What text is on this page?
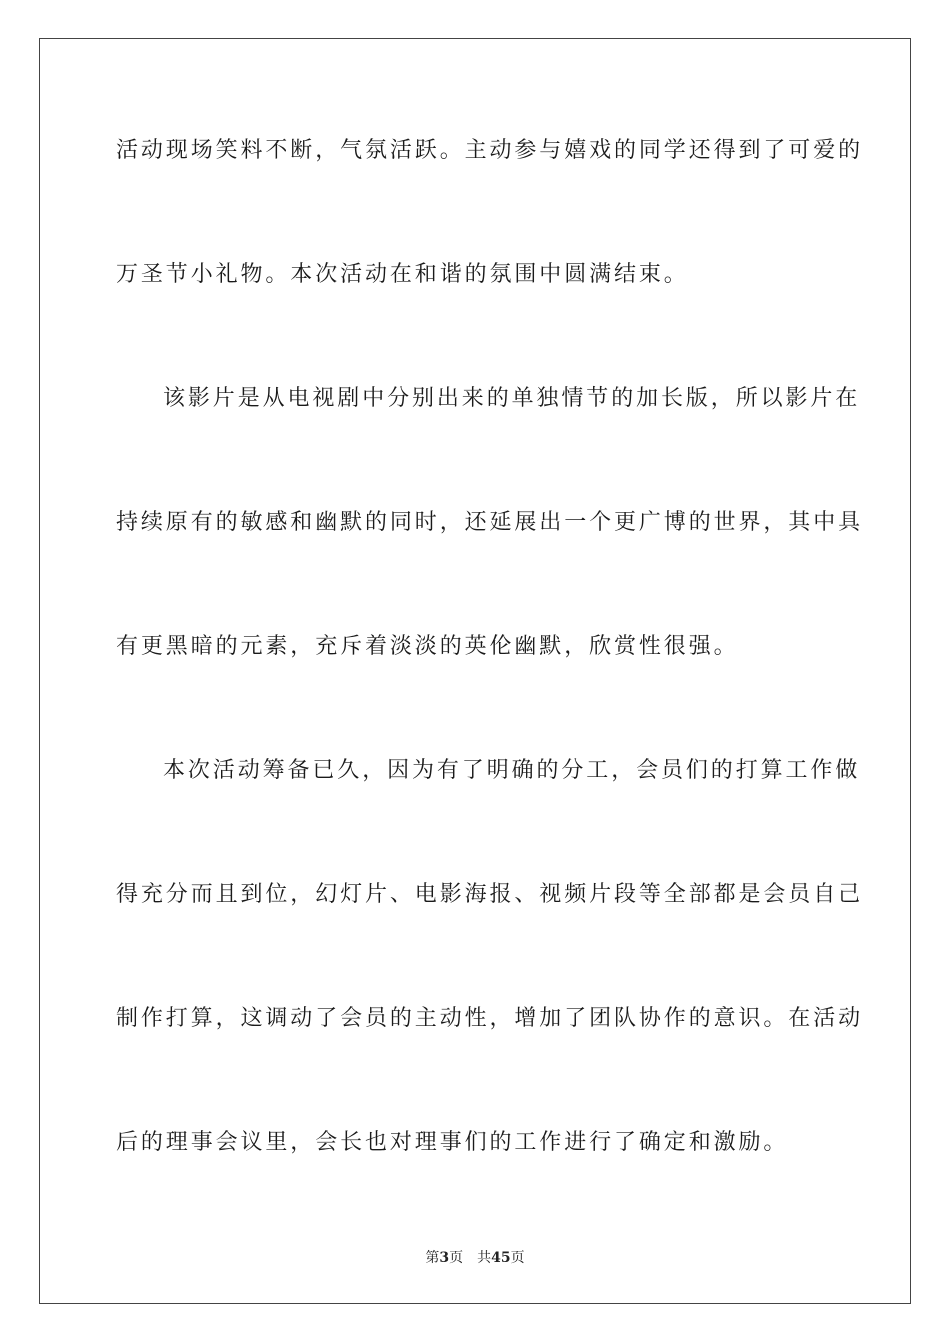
活动现场笑料不断，气氛活跃。主动参与嬉戏的同学还得到了可爱的
万圣节小礼物。本次活动在和谐的氛围中圆满结束。
该影片是从电视剧中分别出来的单独情节的加长版，所以影片在
持续原有的敏感和幽默的同时，还延展出一个更广博的世界，其中具
有更黑暗的元素，充斥着淡淡的英伦幽默，欣赏性很强。
本次活动筹备已久，因为有了明确的分工，会员们的打算工作做
得充分而且到位，幻灯片、电影海报、视频片段等全部都是会员自己
制作打算，这调动了会员的主动性，增加了团队协作的意识。在活动
后的理事会议里，会长也对理事们的工作进行了确定和激励。
第3页 共45页
